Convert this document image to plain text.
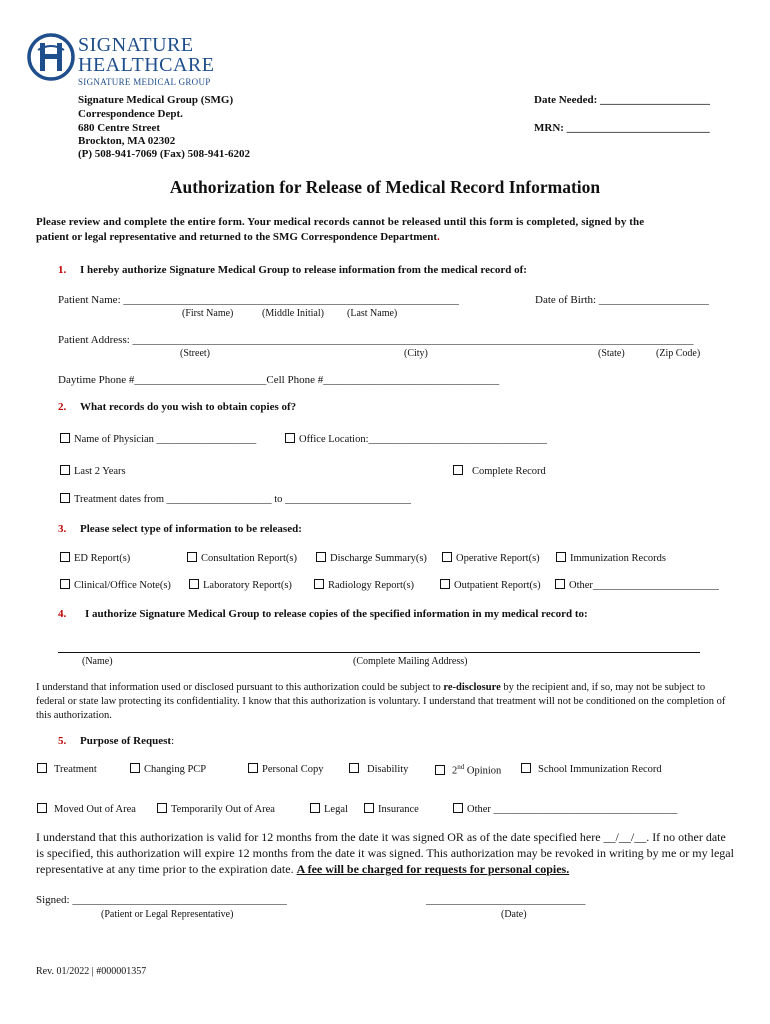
SIGNATURE
HEALTHCARE
SIGNATURE MEDICAL GROUP
Signature Medical Group (SMG)
Correspondence Dept.
680 Centre Street
Brockton, MA 02302
(P) 508-941-7069 (Fax) 508-941-6202
Date Needed: ____________________
MRN: __________________________
Authorization for Release of Medical Record Information
Please review and complete the entire form. Your medical records cannot be released until this form is completed, signed by the
patient or legal representative and returned to the SMG Correspondence Department.
1. I hereby authorize Signature Medical Group to release information from the medical record of:
Patient Name: _____________________________________________________________
(First Name)	(Middle Initial) (Last Name)
Date of Birth: ____________________
Patient Address: ______________________________________________________________________________________________________
(Street)	(City)	(State)	(Zip Code)
Daytime Phone #________________________Cell Phone #________________________________
2. What records do you wish to obtain copies of?
Name of Physician ___________________	Office Location:__________________________________
Last 2 Years	Complete Record
Treatment dates from ____________________ to ________________________
3. Please select type of information to be released:
ED Report(s)	Consultation Report(s)	Discharge Summary(s)	Operative Report(s)	Immunization Records
Clinical/Office Note(s)	Laboratory Report(s)	Radiology Report(s)	Outpatient Report(s)	Other________________________
4. I authorize Signature Medical Group to release copies of the specified information in my medical record to:
(Name)	(Complete Mailing Address)
I understand that information used or disclosed pursuant to this authorization could be subject to re-disclosure by the recipient and, if so, may not be subject to federal or state law protecting its confidentiality. I know that this authorization is voluntary. I understand that treatment will not be conditioned on the completion of this authorization.
5. Purpose of Request:
Treatment	Changing PCP	Personal Copy	Disability	2nd Opinion	School Immunization Record
Moved Out of Area	Temporarily Out of Area	Legal	Insurance	Other ___________________________________
I understand that this authorization is valid for 12 months from the date it was signed OR as of the date specified here __/__/__. If no other date is specified, this authorization will expire 12 months from the date it was signed. This authorization may be revoked in writing by me or my legal representative at any time prior to the expiration date. A fee will be charged for requests for personal copies.
Signed: _______________________________________
(Patient or Legal Representative)
_____________________________
(Date)
Rev. 01/2022 | #000001357
